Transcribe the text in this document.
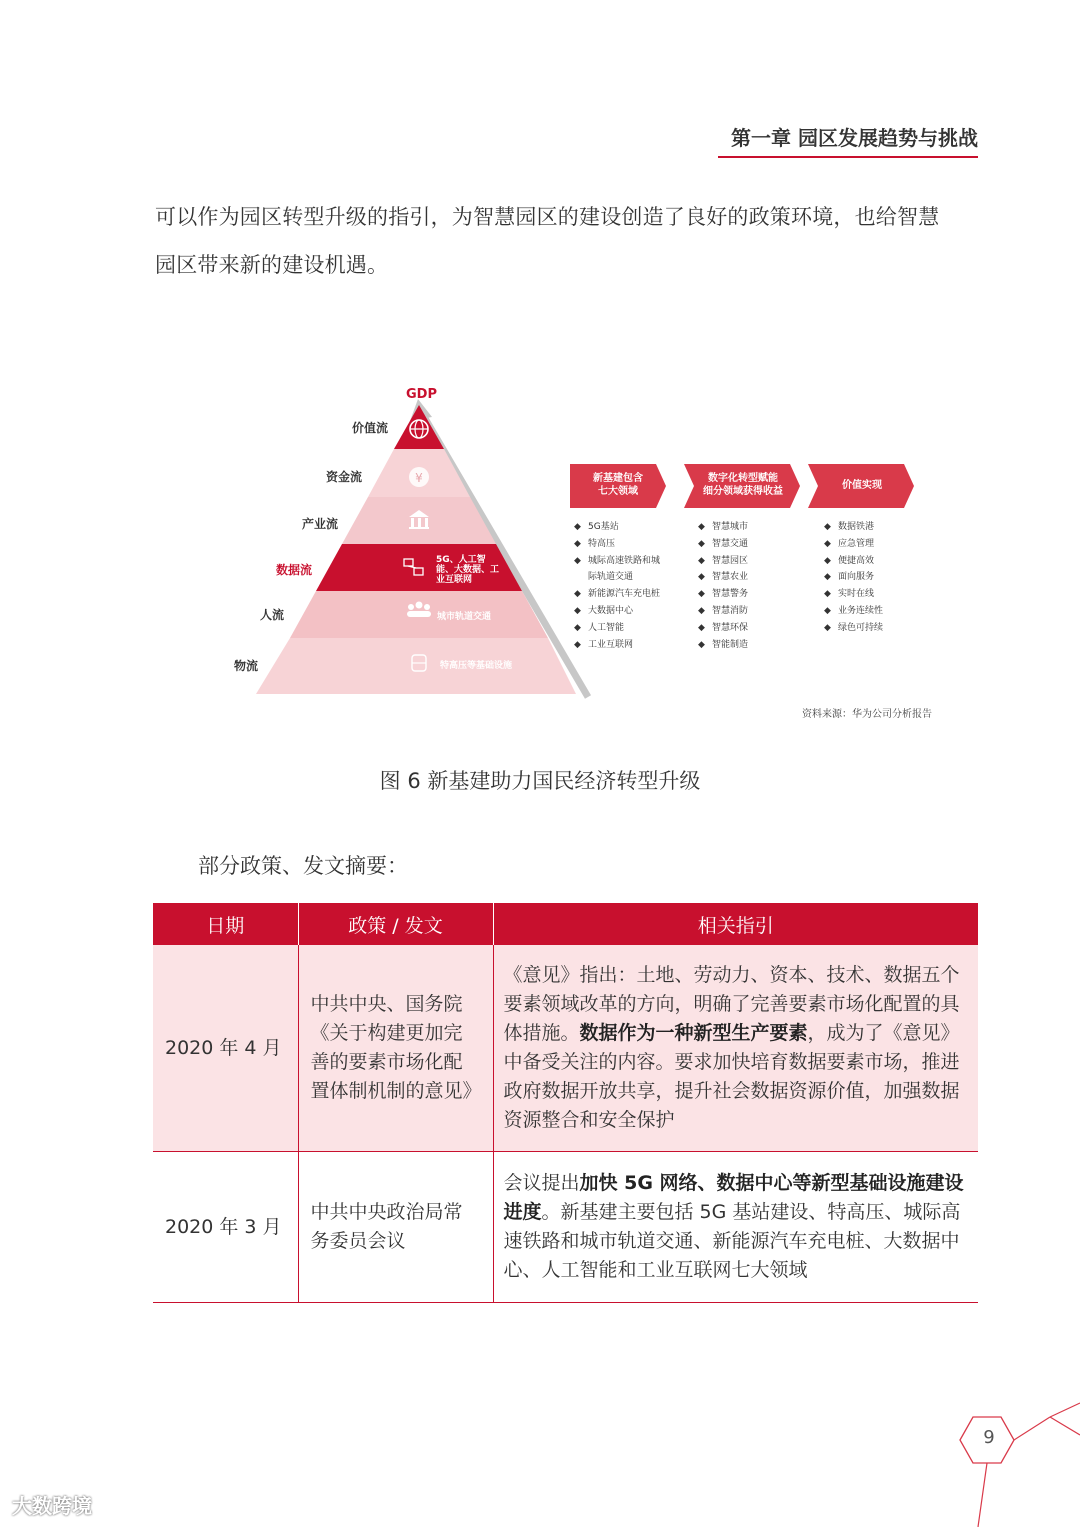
第一章 园区发展趋势与挑战
可以作为园区转型升级的指引，为智慧园区的建设创造了良好的政策环境，也给智慧
园区带来新的建设机遇。
¥
GDP
价值流
资金流
产业流
数据流
人流
物流
5G、人工智能、大数据、工业互联网
城市轨道交通
特高压等基础设施
新基建包含
七大领域
数字化转型赋能
细分领域获得收益
价值实现
◆ 5G基站
◆ 特高压
◆ 城际高速铁路和城
际轨道交通
◆ 新能源汽车充电桩
◆ 大数据中心
◆ 人工智能
◆ 工业互联网
◆ 智慧城市
◆ 智慧交通
◆ 智慧园区
◆ 智慧农业
◆ 智慧警务
◆ 智慧消防
◆ 智慧环保
◆ 智能制造
◆ 数据铁港
◆ 应急管理
◆ 便捷高效
◆ 面向服务
◆ 实时在线
◆ 业务连续性
◆ 绿色可持续
资料来源：华为公司分析报告
图 6 新基建助力国民经济转型升级
部分政策、发文摘要：
日期	政策 / 发文	相关指引
2020 年 4 月	中共中央、国务院
《关于构建更加完
善的要素市场化配
置体制机制的意见》	《意见》指出：土地、劳动力、资本、技术、数据五个要素领域改革的方向，明确了完善要素市场化配置的具体措施。数据作为一种新型生产要素，成为了《意见》中备受关注的内容。要求加快培育数据要素市场，推进政府数据开放共享，提升社会数据资源价值，加强数据资源整合和安全保护
2020 年 3 月	中共中央政治局常
务委员会议	会议提出加快 5G 网络、数据中心等新型基础设施建设进度。新基建主要包括 5G 基站建设、特高压、城际高速铁路和城市轨道交通、新能源汽车充电桩、大数据中心、人工智能和工业互联网七大领域
9
大数跨境
